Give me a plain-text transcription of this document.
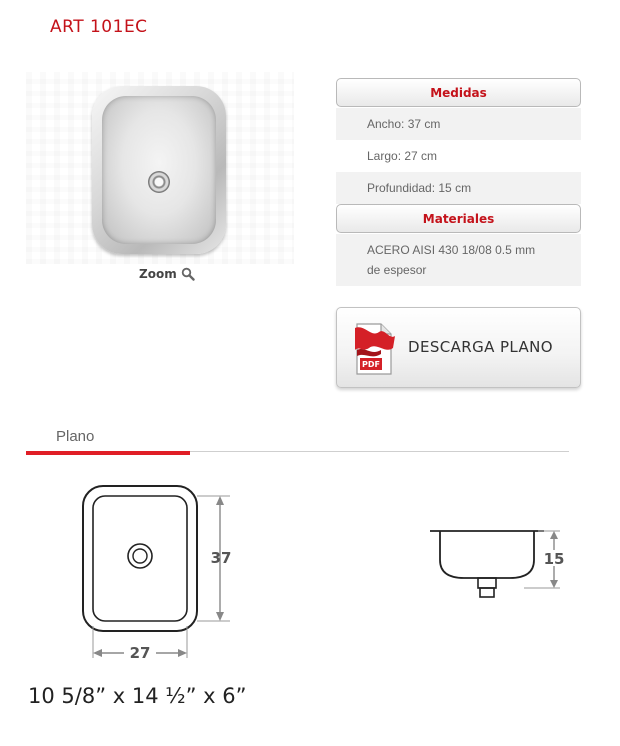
ART 101EC
Zoom
Medidas
Ancho: 37 cm
Largo: 27 cm
Profundidad: 15 cm
Materiales
ACERO AISI 430 18/08 0.5 mm
de espesor
PDF
DESCARGA PLANO
Plano
37
27
15
10 5/8” x 14 ½” x 6”
